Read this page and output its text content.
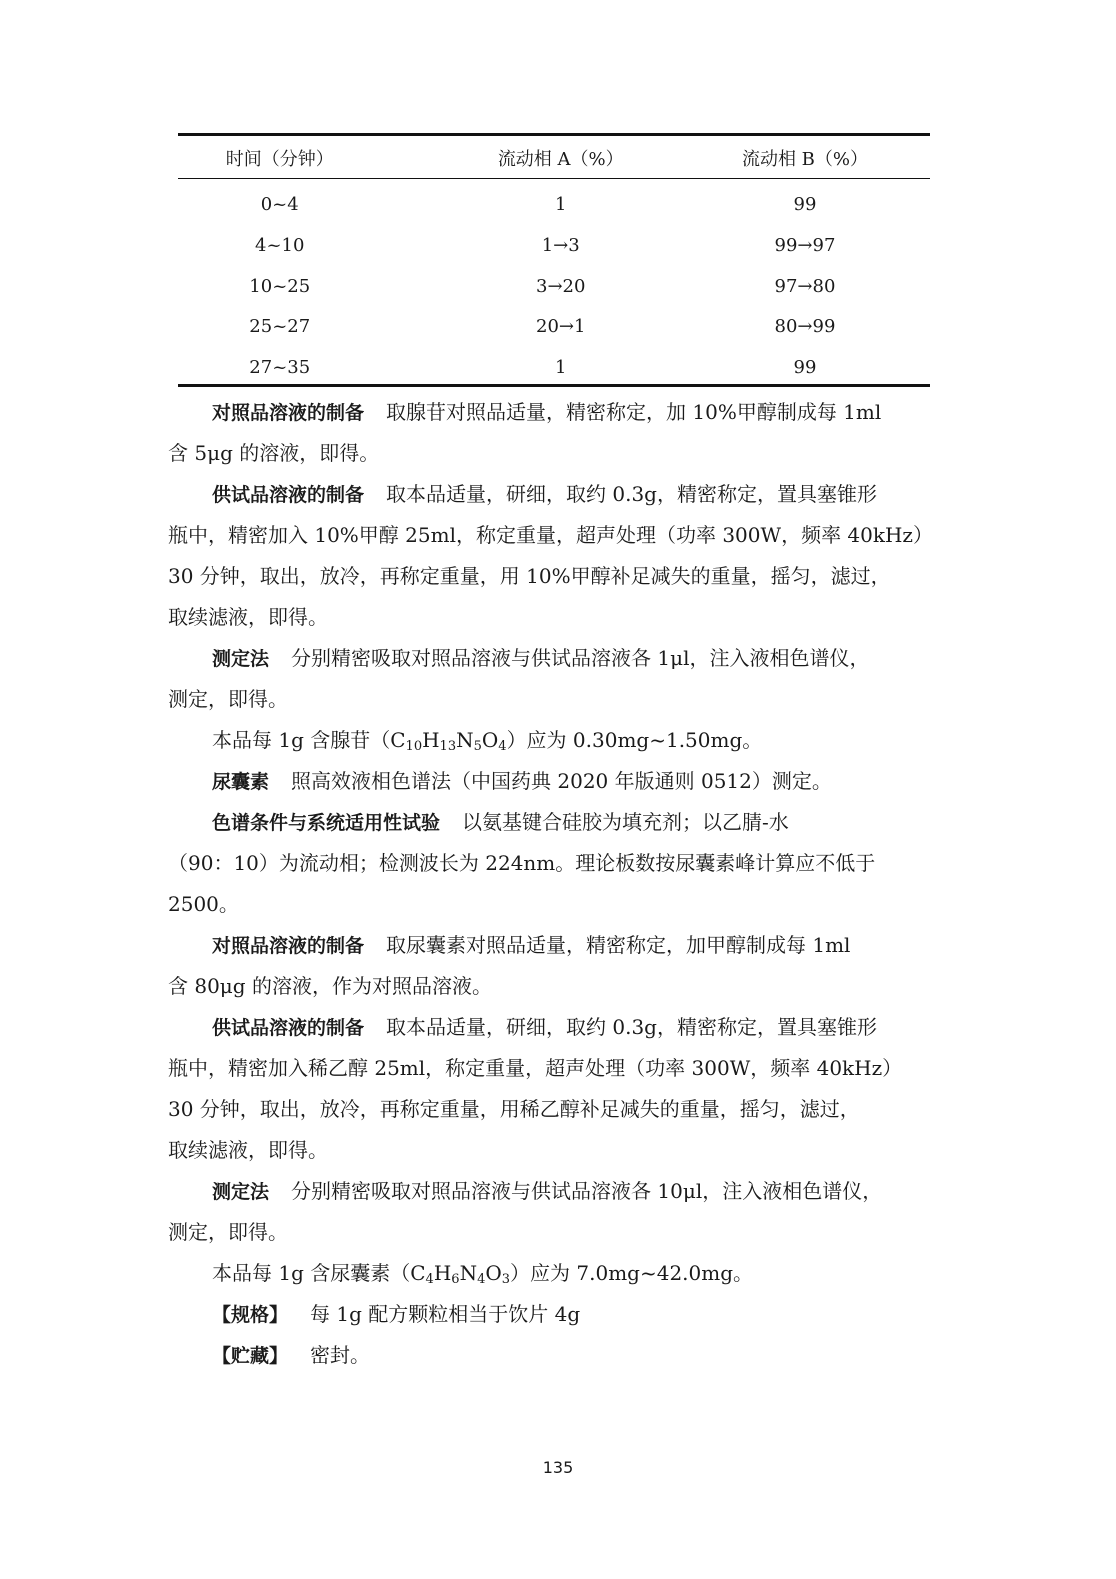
时间（分钟）	流动相 A（%）	流动相 B（%）
0~4	1	99
4~10	1→3	99→97
10~25	3→20	97→80
25~27	20→1	80→99
27~35	1	99
对照品溶液的制备 取腺苷对照品适量，精密称定，加 10%甲醇制成每 1ml
含 5μg 的溶液，即得。
供试品溶液的制备 取本品适量，研细，取约 0.3g，精密称定，置具塞锥形
瓶中，精密加入 10%甲醇 25ml，称定重量，超声处理（功率 300W，频率 40kHz）
30 分钟，取出，放冷，再称定重量，用 10%甲醇补足减失的重量，摇匀，滤过，
取续滤液，即得。
测定法 分别精密吸取对照品溶液与供试品溶液各 1μl，注入液相色谱仪，
测定，即得。
本品每 1g 含腺苷$(C_{10}H_{13}N_5O_4)$应为 0.30mg~1.50mg。
尿囊素 照高效液相色谱法（中国药典 2020 年版通则 0512）测定。
色谱条件与系统适用性试验 以氨基键合硅胶为填充剂；以乙腈-水
（90：10）为流动相；检测波长为 224nm。理论板数按尿囊素峰计算应不低于
2500。
对照品溶液的制备 取尿囊素对照品适量，精密称定，加甲醇制成每 1ml
含 80μg 的溶液，作为对照品溶液。
供试品溶液的制备 取本品适量，研细，取约 0.3g，精密称定，置具塞锥形
瓶中，精密加入稀乙醇 25ml，称定重量，超声处理（功率 300W，频率 40kHz）
30 分钟，取出，放冷，再称定重量，用稀乙醇补足减失的重量，摇匀，滤过，
取续滤液，即得。
测定法 分别精密吸取对照品溶液与供试品溶液各 10μl，注入液相色谱仪，
测定，即得。
本品每 1g 含尿囊素$(C_4H_6N_4O_3)$应为 7.0mg~42.0mg。
【规格】 每 1g 配方颗粒相当于饮片 4g
【贮藏】 密封。
135
